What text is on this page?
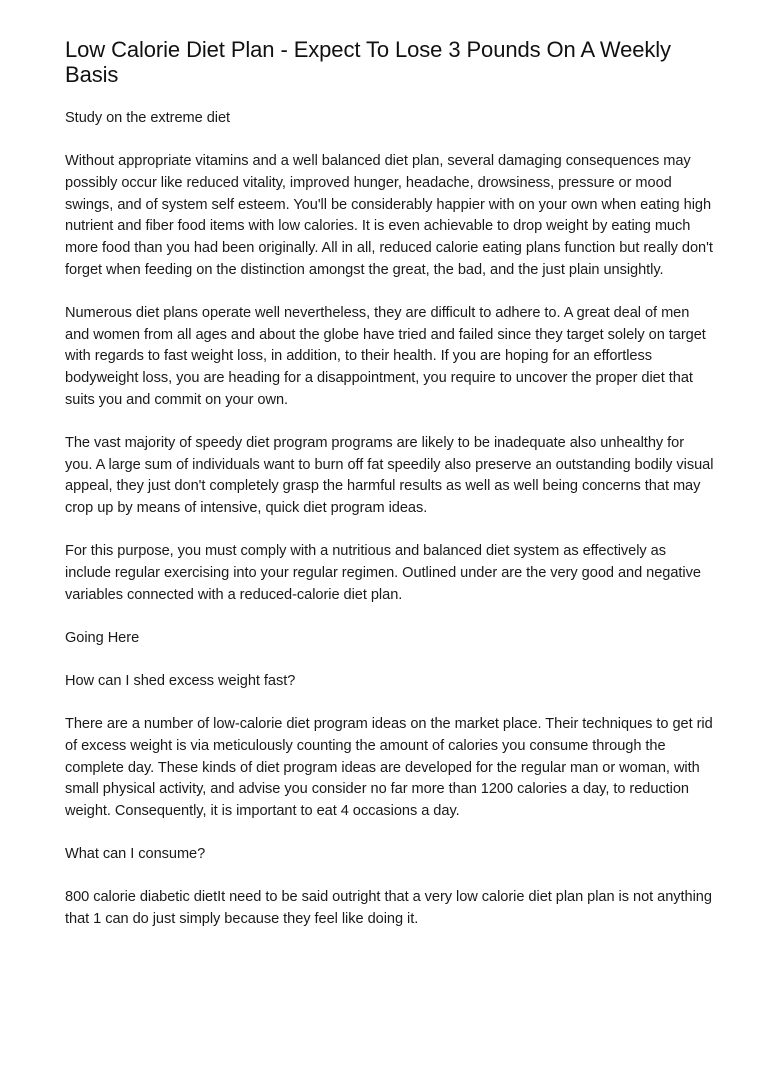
Low Calorie Diet Plan - Expect To Lose 3 Pounds On A Weekly Basis

Study on the extreme diet

Without appropriate vitamins and a well balanced diet plan, several damaging consequences may possibly occur like reduced vitality, improved hunger, headache, drowsiness, pressure or mood swings, and of system self esteem. You'll be considerably happier with on your own when eating high nutrient and fiber food items with low calories. It is even achievable to drop weight by eating much more food than you had been originally. All in all, reduced calorie eating plans function but really don't forget when feeding on the distinction amongst the great, the bad, and the just plain unsightly.

Numerous diet plans operate well nevertheless, they are difficult to adhere to. A great deal of men and women from all ages and about the globe have tried and failed since they target solely on target with regards to fast weight loss, in addition, to their health. If you are hoping for an effortless bodyweight loss, you are heading for a disappointment, you require to uncover the proper diet that suits you and commit on your own.

The vast majority of speedy diet program programs are likely to be inadequate also unhealthy for you. A large sum of individuals want to burn off fat speedily also preserve an outstanding bodily visual appeal, they just don't completely grasp the harmful results as well as well being concerns that may crop up by means of intensive, quick diet program ideas.

For this purpose, you must comply with a nutritious and balanced diet system as effectively as include regular exercising into your regular regimen. Outlined under are the very good and negative variables connected with a reduced-calorie diet plan.

Going Here

How can I shed excess weight fast?

There are a number of low-calorie diet program ideas on the market place. Their techniques to get rid of excess weight is via meticulously counting the amount of calories you consume through the complete day. These kinds of diet program ideas are developed for the regular man or woman, with small physical activity, and advise you consider no far more than 1200 calories a day, to reduction weight. Consequently, it is important to eat 4 occasions a day.

What can I consume?

800 calorie diabetic dietIt need to be said outright that a very low calorie diet plan plan is not anything that 1 can do just simply because they feel like doing it.
